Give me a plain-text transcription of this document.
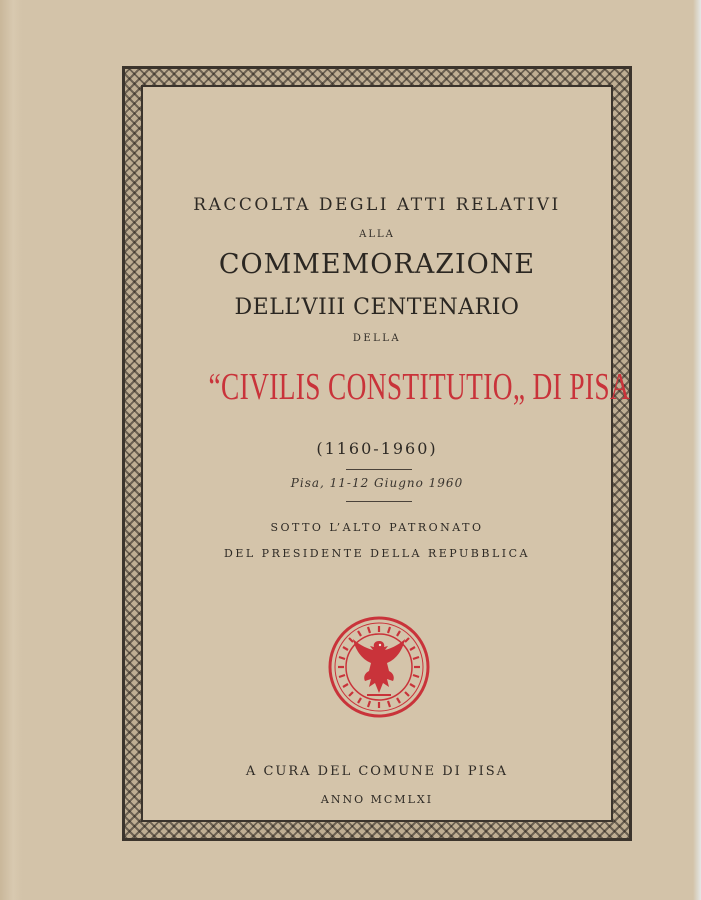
RACCOLTA DEGLI ATTI RELATIVI
ALLA
COMMEMORAZIONE
DELL’VIII CENTENARIO
DELLA
“CIVILIS CONSTITUTIO„ DI PISA
(1160-1960)
Pisa, 11-12 Giugno 1960
SOTTO L’ALTO PATRONATO
DEL PRESIDENTE DELLA REPUBBLICA
A CURA DEL COMUNE DI PISA
ANNO MCMLXI
